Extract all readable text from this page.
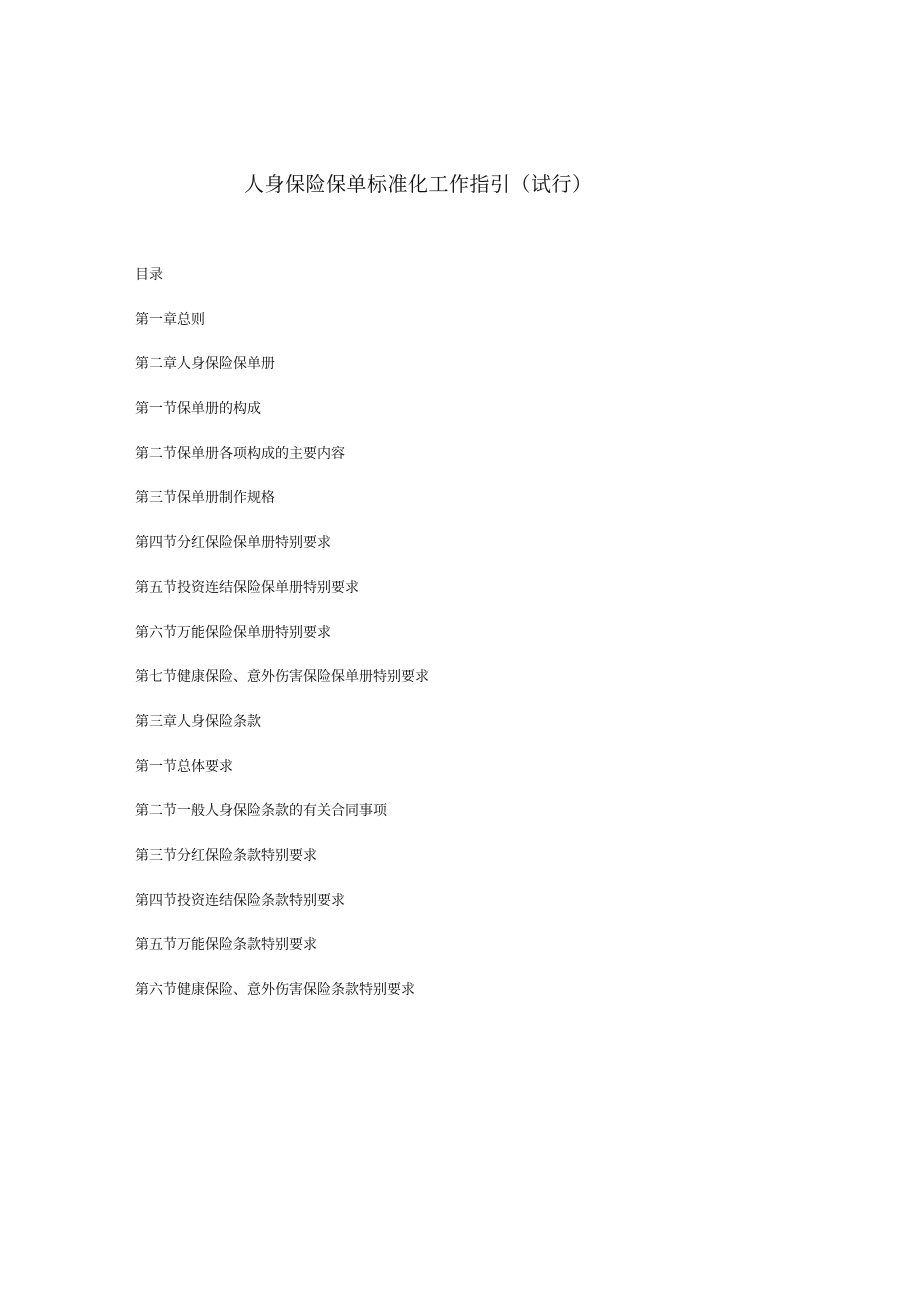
人身保险保单标准化工作指引（试行）
目录
第一章总则
第二章人身保险保单册
第一节保单册的构成
第二节保单册各项构成的主要内容
第三节保单册制作规格
第四节分红保险保单册特别要求
第五节投资连结保险保单册特别要求
第六节万能保险保单册特别要求
第七节健康保险、意外伤害保险保单册特别要求
第三章人身保险条款
第一节总体要求
第二节一般人身保险条款的有关合同事项
第三节分红保险条款特别要求
第四节投资连结保险条款特别要求
第五节万能保险条款特别要求
第六节健康保险、意外伤害保险条款特别要求
